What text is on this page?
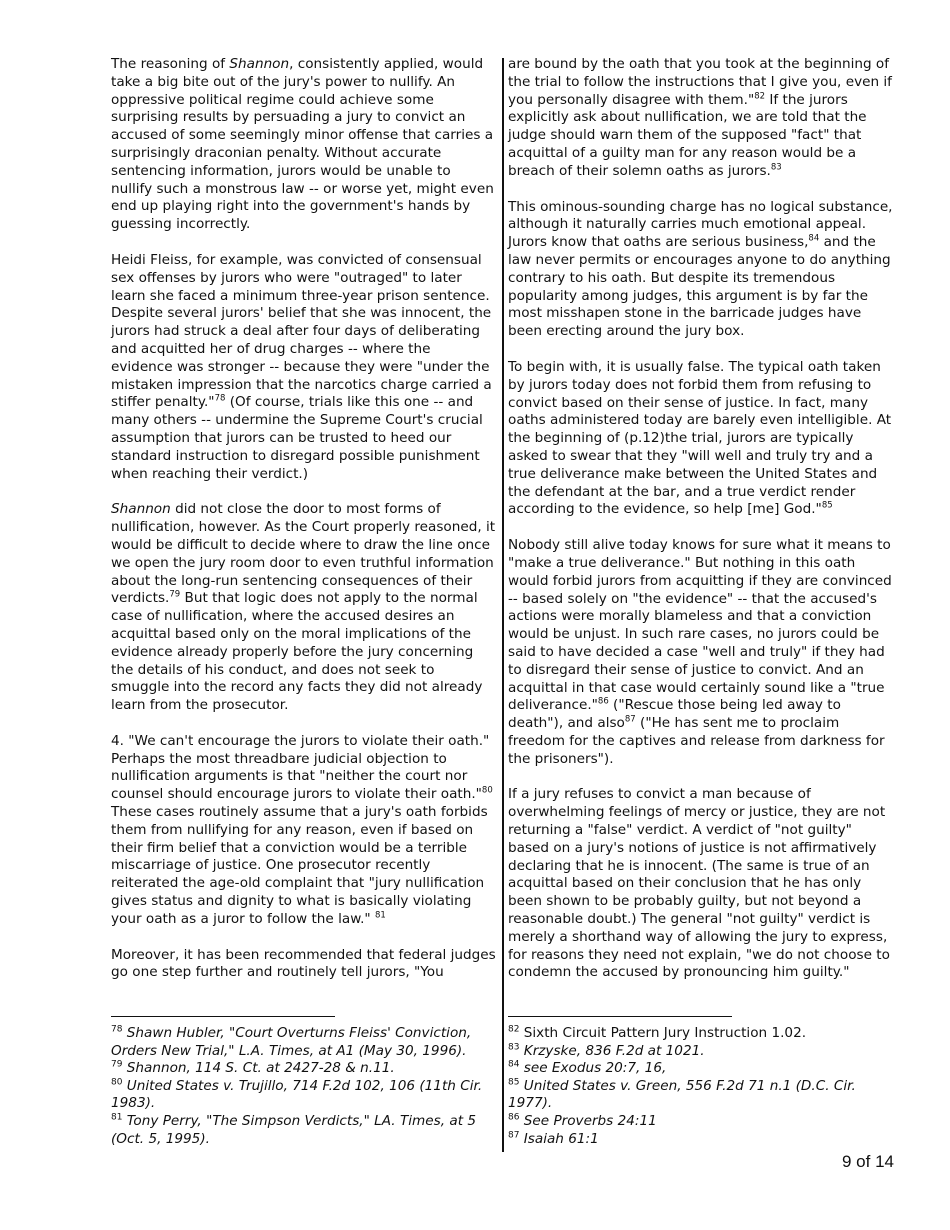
The reasoning of Shannon, consistently applied, would take a big bite out of the jury's power to nullify. An oppressive political regime could achieve some surprising results by persuading a jury to convict an accused of some seemingly minor offense that carries a surprisingly draconian penalty. Without accurate sentencing information, jurors would be unable to nullify such a monstrous law -- or worse yet, might even end up playing right into the government's hands by guessing incorrectly.

Heidi Fleiss, for example, was convicted of consensual sex offenses by jurors who were "outraged" to later learn she faced a minimum three-year prison sentence. Despite several jurors' belief that she was innocent, the jurors had struck a deal after four days of deliberating and acquitted her of drug charges -- where the evidence was stronger -- because they were "under the mistaken impression that the narcotics charge carried a stiffer penalty."$^{78}$ (Of course, trials like this one -- and many others -- undermine the Supreme Court's crucial assumption that jurors can be trusted to heed our standard instruction to disregard possible punishment when reaching their verdict.)

Shannon did not close the door to most forms of nullification, however. As the Court properly reasoned, it would be difficult to decide where to draw the line once we open the jury room door to even truthful information about the long-run sentencing consequences of their verdicts.$^{79}$ But that logic does not apply to the normal case of nullification, where the accused desires an acquittal based only on the moral implications of the evidence already properly before the jury concerning the details of his conduct, and does not seek to smuggle into the record any facts they did not already learn from the prosecutor.

4. "We can't encourage the jurors to violate their oath." Perhaps the most threadbare judicial objection to nullification arguments is that "neither the court nor counsel should encourage jurors to violate their oath."$^{80}$ These cases routinely assume that a jury's oath forbids them from nullifying for any reason, even if based on their firm belief that a conviction would be a terrible miscarriage of justice. One prosecutor recently reiterated the age-old complaint that "jury nullification gives status and dignity to what is basically violating your oath as a juror to follow the law." $^{81}$

Moreover, it has been recommended that federal judges go one step further and routinely tell jurors, "You

are bound by the oath that you took at the beginning of the trial to follow the instructions that I give you, even if you personally disagree with them."$^{82}$ If the jurors explicitly ask about nullification, we are told that the judge should warn them of the supposed "fact" that acquittal of a guilty man for any reason would be a breach of their solemn oaths as jurors.$^{83}$

This ominous-sounding charge has no logical substance, although it naturally carries much emotional appeal. Jurors know that oaths are serious business,$^{84}$ and the law never permits or encourages anyone to do anything contrary to his oath. But despite its tremendous popularity among judges, this argument is by far the most misshapen stone in the barricade judges have been erecting around the jury box.

To begin with, it is usually false. The typical oath taken by jurors today does not forbid them from refusing to convict based on their sense of justice. In fact, many oaths administered today are barely even intelligible. At the beginning of (p.12)the trial, jurors are typically asked to swear that they "will well and truly try and a true deliverance make between the United States and the defendant at the bar, and a true verdict render according to the evidence, so help [me] God."$^{85}$

Nobody still alive today knows for sure what it means to "make a true deliverance." But nothing in this oath would forbid jurors from acquitting if they are convinced -- based solely on "the evidence" -- that the accused's actions were morally blameless and that a conviction would be unjust. In such rare cases, no jurors could be said to have decided a case "well and truly" if they had to disregard their sense of justice to convict. And an acquittal in that case would certainly sound like a "true deliverance."$^{86}$ ("Rescue those being led away to death"), and also$^{87}$ ("He has sent me to proclaim freedom for the captives and release from darkness for the prisoners").

If a jury refuses to convict a man because of overwhelming feelings of mercy or justice, they are not returning a "false" verdict. A verdict of "not guilty" based on a jury's notions of justice is not affirmatively declaring that he is innocent. (The same is true of an acquittal based on their conclusion that he has only been shown to be probably guilty, but not beyond a reasonable doubt.) The general "not guilty" verdict is merely a shorthand way of allowing the jury to express, for reasons they need not explain, "we do not choose to condemn the accused by pronouncing him guilty."

$^{78}$ Shawn Hubler, "Court Overturns Fleiss' Conviction, Orders New Trial," L.A. Times, at A1 (May 30, 1996).

$^{79}$ Shannon, 114 S. Ct. at 2427-28 & n.11.

$^{80}$ United States v. Trujillo, 714 F.2d 102, 106 (11th Cir. 1983).

$^{81}$ Tony Perry, "The Simpson Verdicts," LA. Times, at 5 (Oct. 5, 1995).

$^{82}$ Sixth Circuit Pattern Jury Instruction 1.02.

$^{83}$ Krzyske, 836 F.2d at 1021.

$^{84}$ see Exodus 20:7, 16,

$^{85}$ United States v. Green, 556 F.2d 71 n.1 (D.C. Cir. 1977).

$^{86}$ See Proverbs 24:11

$^{87}$ Isaiah 61:1

9 of 14
